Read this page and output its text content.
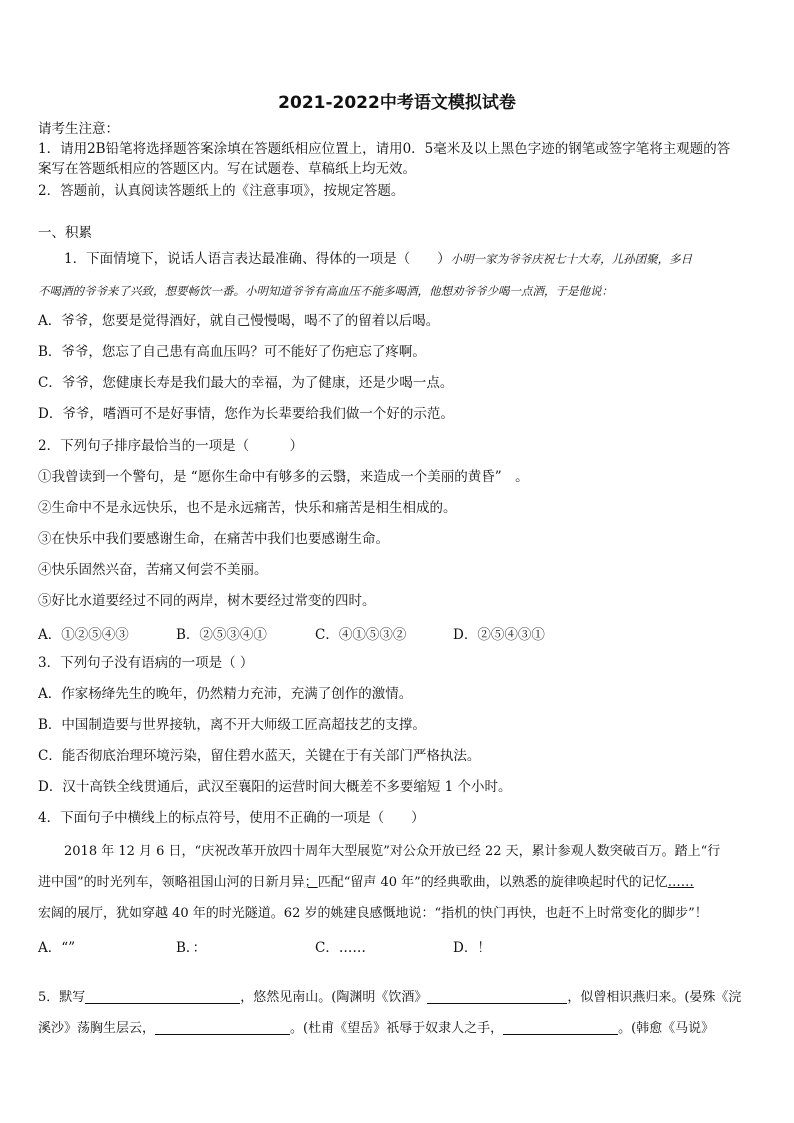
2021-2022中考语文模拟试卷
请考生注意：
1．请用2B铅笔将选择题答案涂填在答题纸相应位置上，请用0．5毫米及以上黑色字迹的钢笔或签字笔将主观题的答
案写在答题纸相应的答题区内。写在试题卷、草稿纸上均无效。
2．答题前，认真阅读答题纸上的《注意事项》，按规定答题。
一、积累
1．下面情境下，说话人语言表达最准确、得体的一项是（　　）小明一家为爷爷庆祝七十大寿，儿孙团聚，多日
不喝酒的爷爷来了兴致，想要畅饮一番。小明知道爷爷有高血压不能多喝酒，他想劝爷爷少喝一点酒，于是他说：
A．爷爷，您要是觉得酒好，就自己慢慢喝，喝不了的留着以后喝。
B．爷爷，您忘了自己患有高血压吗？可不能好了伤疤忘了疼啊。
C．爷爷，您健康长寿是我们最大的幸福，为了健康，还是少喝一点。
D．爷爷，嗜酒可不是好事情，您作为长辈要给我们做一个好的示范。
2．下列句子排序最恰当的一项是（　　　）
①我曾读到一个警句，是 “愿你生命中有够多的云翳，来造成一个美丽的黄昏”　。
②生命中不是永远快乐，也不是永远痛苦，快乐和痛苦是相生相成的。
③在快乐中我们要感谢生命，在痛苦中我们也要感谢生命。
④快乐固然兴奋，苦痛又何尝不美丽。
⑤好比水道要经过不同的两岸，树木要经过常变的四时。
A．①②⑤④③	B．②⑤③④①	C．④①⑤③②	D．②⑤④③①
3．下列句子没有语病的一项是（ ）
A．作家杨绛先生的晚年，仍然精力充沛，充满了创作的激情。
B．中国制造要与世界接轨，离不开大师级工匠高超技艺的支撑。
C．能否彻底治理环境污染，留住碧水蓝天，关键在于有关部门严格执法。
D．汉十高铁全线贯通后，武汉至襄阳的运营时间大概差不多要缩短 1 个小时。
4．下面句子中横线上的标点符号，使用不正确的一项是（　　）
2018 年 12 月 6 日，“庆祝改革开放四十周年大型展览”对公众开放已经 22 天，累计参观人数突破百万。踏上“行
进中国”的时光列车，领略祖国山河的日新月异；匹配“留声 40 年”的经典歌曲，以熟悉的旋律唤起时代的记忆……
宏阔的展厅，犹如穿越 40 年的时光隧道。62 岁的姚建良感慨地说：“指机的快门再快，也赶不上时常变化的脚步”！
A．“”	B．：	C．……	D．！
5．默写	，悠然见南山。(陶渊明《饮酒》	，似曾相识燕归来。(晏殊《浣
溪沙》荡胸生层云，	。(杜甫《望岳》祇辱于奴隶人之手，	。(韩愈《马说》
